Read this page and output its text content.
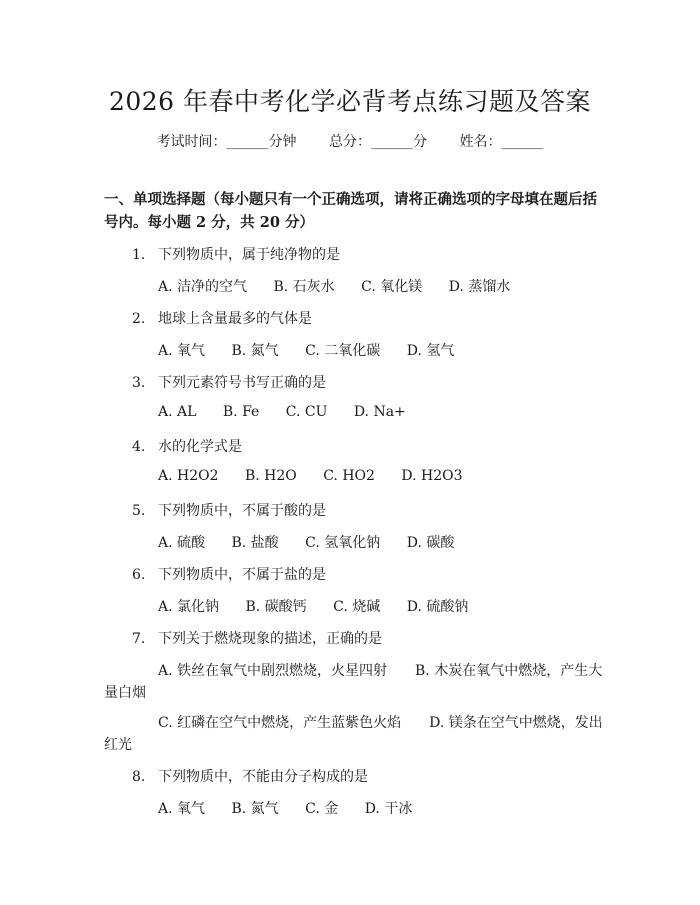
2026 年春中考化学必背考点练习题及答案
考试时间：______分钟 总分：______分 姓名：______
一、单项选择题（每小题只有一个正确选项，请将正确选项的字母填在题后括号内。每小题 2 分，共 20 分）
1. 下列物质中，属于纯净物的是
A. 洁净的空气 B. 石灰水 C. 氧化镁 D. 蒸馏水
2. 地球上含量最多的气体是
A. 氧气 B. 氮气 C. 二氧化碳 D. 氢气
3. 下列元素符号书写正确的是
A. AL B. Fe C. CU D. Na+
4. 水的化学式是
A. H2O2 B. H2O C. HO2 D. H2O3
5. 下列物质中，不属于酸的是
A. 硫酸 B. 盐酸 C. 氢氧化钠 D. 碳酸
6. 下列物质中，不属于盐的是
A. 氯化钠 B. 碳酸钙 C. 烧碱 D. 硫酸钠
7. 下列关于燃烧现象的描述，正确的是
A. 铁丝在氧气中剧烈燃烧，火星四射　　B. 木炭在氧气中燃烧，产生大
量白烟
C. 红磷在空气中燃烧，产生蓝紫色火焰　　D. 镁条在空气中燃烧，发出
红光
8. 下列物质中，不能由分子构成的是
A. 氧气 B. 氮气 C. 金 D. 干冰
